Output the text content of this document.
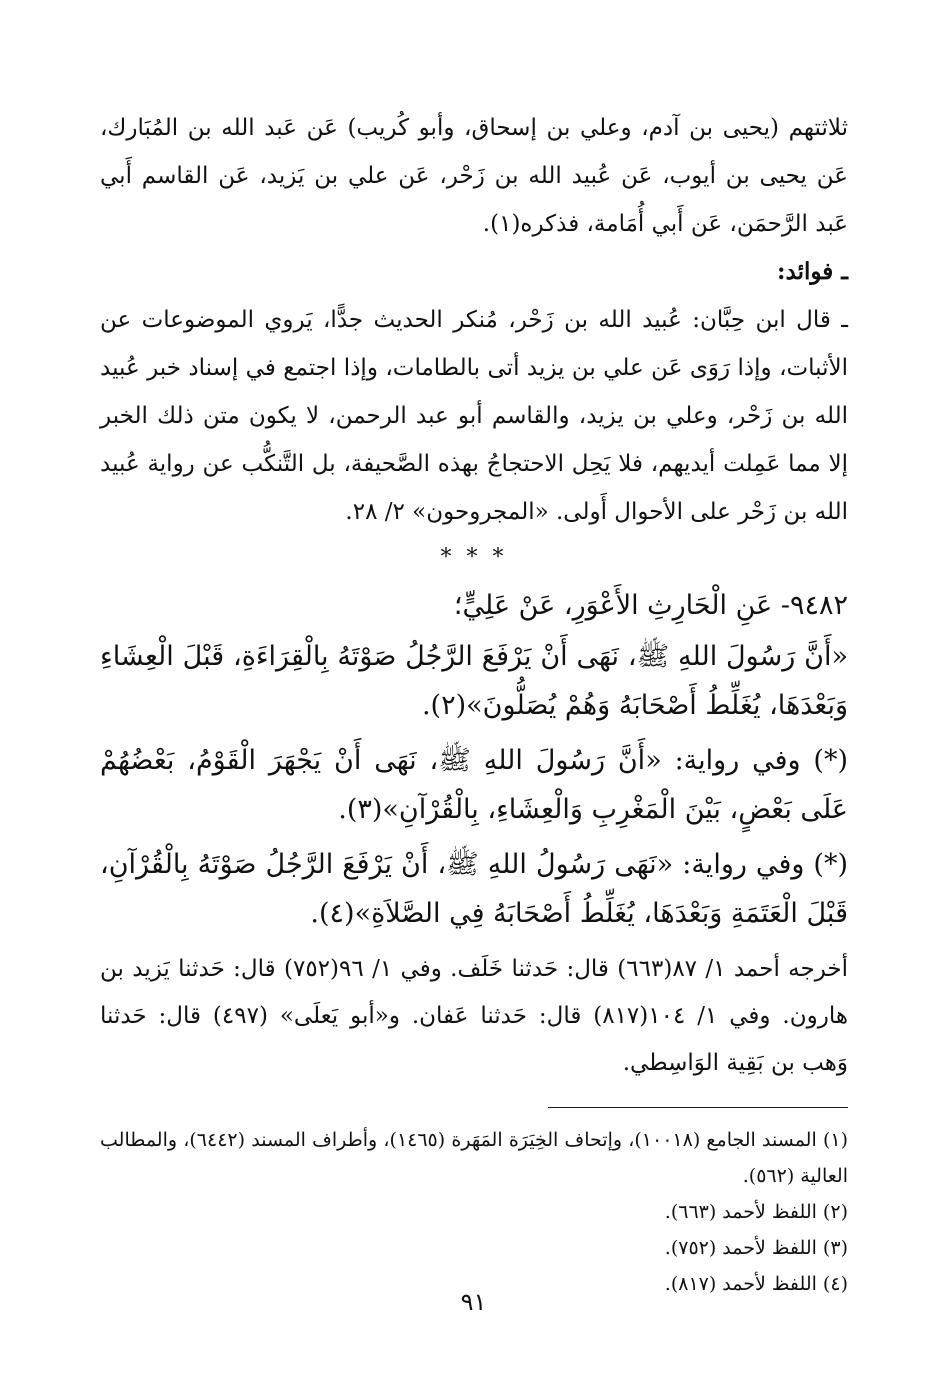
ثلاثتهم (يحيى بن آدم، وعلي بن إسحاق، وأبو كُريب) عَن عَبد الله بن المُبَارك، عَن يحيى بن أيوب، عَن عُبيد الله بن زَحْر، عَن علي بن يَزيد، عَن القاسم أَبي عَبد الرَّحمَن، عَن أَبي أُمَامة، فذكره(١).

ـ فوائد:

ـ قال ابن حِبَّان: عُبيد الله بن زَحْر، مُنكر الحديث جدًّا، يَروي الموضوعات عن الأثبات، وإذا رَوَى عَن علي بن يزيد أتى بالطامات، وإذا اجتمع في إسناد خبر عُبيد الله بن زَحْر، وعلي بن يزيد، والقاسم أبو عبد الرحمن، لا يكون متن ذلك الخبر إلا مما عَمِلت أيديهم، فلا يَحِل الاحتجاجُ بهذه الصَّحيفة، بل التَّنكُّب عن رواية عُبيد الله بن زَحْر على الأحوال أَولى. «المجروحون» ٢/ ٢٨.

* * *

٩٤٨٢- عَنِ الْحَارِثِ الأَعْوَرِ، عَنْ عَلِيٍّ؛

«أَنَّ رَسُولَ اللهِ ﷺ، نَهَى أَنْ يَرْفَعَ الرَّجُلُ صَوْتَهُ بِالْقِرَاءَةِ، قَبْلَ الْعِشَاءِ وَبَعْدَهَا، يُغَلِّطُ أَصْحَابَهُ وَهُمْ يُصَلُّونَ»(٢).

(*) وفي رواية: «أَنَّ رَسُولَ اللهِ ﷺ، نَهَى أَنْ يَجْهَرَ الْقَوْمُ، بَعْضُهُمْ عَلَى بَعْضٍ، بَيْنَ الْمَغْرِبِ وَالْعِشَاءِ، بِالْقُرْآنِ»(٣).

(*) وفي رواية: «نَهَى رَسُولُ اللهِ ﷺ، أَنْ يَرْفَعَ الرَّجُلُ صَوْتَهُ بِالْقُرْآنِ، قَبْلَ الْعَتَمَةِ وَبَعْدَهَا، يُغَلِّطُ أَصْحَابَهُ فِي الصَّلاَةِ»(٤).

أخرجه أحمد ١/ ٨٧(٦٦٣) قال: حَدثنا خَلَف. وفي ١/ ٩٦(٧٥٢) قال: حَدثنا يَزيد بن هارون. وفي ١/ ١٠٤(٨١٧) قال: حَدثنا عَفان. و«أبو يَعلَى» (٤٩٧) قال: حَدثنا وَهب بن بَقِية الوَاسِطي.

(١) المسند الجامع (١٠٠١٨)، وإتحاف الخِيَرَة المَهَرة (١٤٦٥)، وأطراف المسند (٦٤٤٢)، والمطالب العالية (٥٦٢).

(٢) اللفظ لأحمد (٦٦٣).

(٣) اللفظ لأحمد (٧٥٢).

(٤) اللفظ لأحمد (٨١٧).

٩١
